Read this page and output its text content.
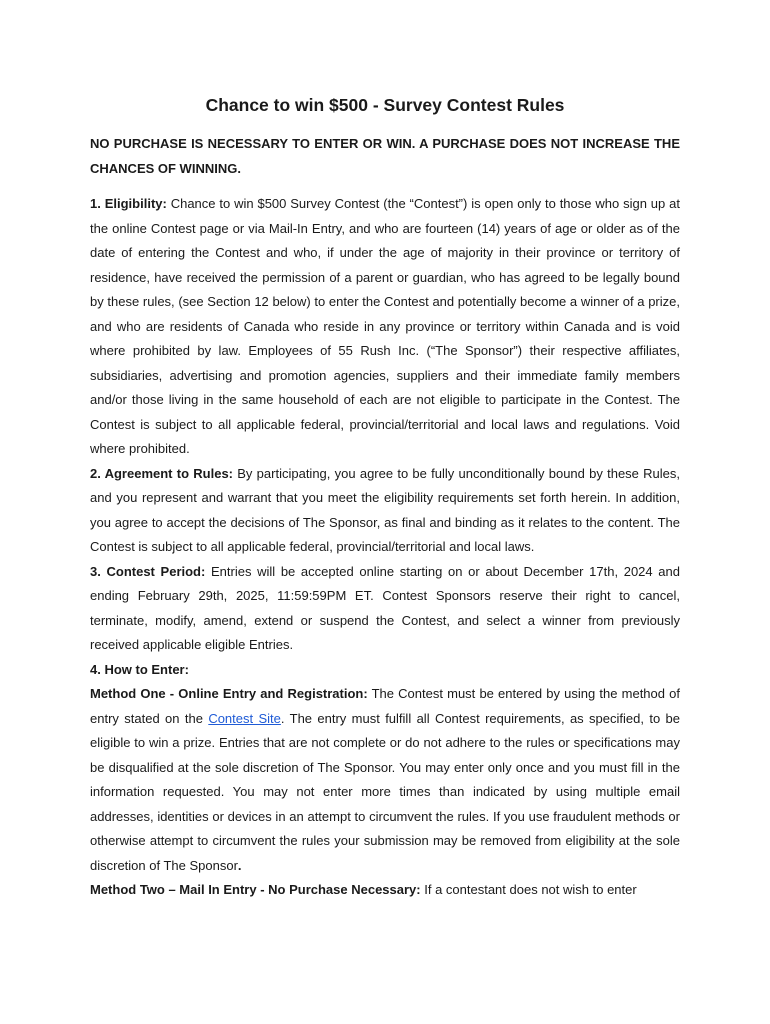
Chance to win $500 - Survey Contest Rules

NO PURCHASE IS NECESSARY TO ENTER OR WIN. A PURCHASE DOES NOT INCREASE THE CHANCES OF WINNING.

1. Eligibility: Chance to win $500 Survey Contest (the “Contest”) is open only to those who sign up at the online Contest page or via Mail-In Entry, and who are fourteen (14) years of age or older as of the date of entering the Contest and who, if under the age of majority in their province or territory of residence, have received the permission of a parent or guardian, who has agreed to be legally bound by these rules, (see Section 12 below) to enter the Contest and potentially become a winner of a prize, and who are residents of Canada who reside in any province or territory within Canada and is void where prohibited by law. Employees of 55 Rush Inc. (“The Sponsor”) their respective affiliates, subsidiaries, advertising and promotion agencies, suppliers and their immediate family members and/or those living in the same household of each are not eligible to participate in the Contest. The Contest is subject to all applicable federal, provincial/territorial and local laws and regulations. Void where prohibited.

2. Agreement to Rules: By participating, you agree to be fully unconditionally bound by these Rules, and you represent and warrant that you meet the eligibility requirements set forth herein. In addition, you agree to accept the decisions of The Sponsor, as final and binding as it relates to the content. The Contest is subject to all applicable federal, provincial/territorial and local laws.

3. Contest Period: Entries will be accepted online starting on or about December 17th, 2024 and ending February 29th, 2025, 11:59:59PM ET. Contest Sponsors reserve their right to cancel, terminate, modify, amend, extend or suspend the Contest, and select a winner from previously received applicable eligible Entries.

4. How to Enter:

Method One - Online Entry and Registration: The Contest must be entered by using the method of entry stated on the Contest Site. The entry must fulfill all Contest requirements, as specified, to be eligible to win a prize. Entries that are not complete or do not adhere to the rules or specifications may be disqualified at the sole discretion of The Sponsor. You may enter only once and you must fill in the information requested. You may not enter more times than indicated by using multiple email addresses, identities or devices in an attempt to circumvent the rules. If you use fraudulent methods or otherwise attempt to circumvent the rules your submission may be removed from eligibility at the sole discretion of The Sponsor.

Method Two – Mail In Entry - No Purchase Necessary: If a contestant does not wish to enter
